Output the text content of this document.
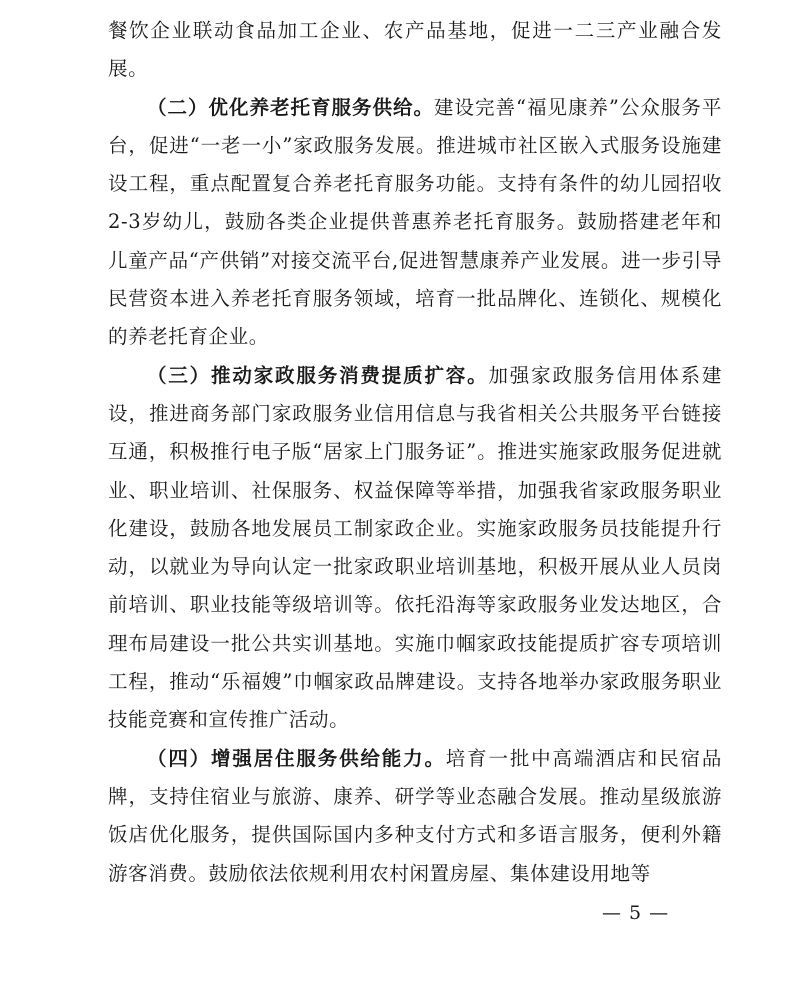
餐饮企业联动食品加工企业、农产品基地，促进一二三产业融合发展。

（二）优化养老托育服务供给。建设完善“福见康养”公众服务平台，促进“一老一小”家政服务发展。推进城市社区嵌入式服务设施建设工程，重点配置复合养老托育服务功能。支持有条件的幼儿园招收2-3岁幼儿，鼓励各类企业提供普惠养老托育服务。鼓励搭建老年和儿童产品“产供销”对接交流平台,促进智慧康养产业发展。进一步引导民营资本进入养老托育服务领域，培育一批品牌化、连锁化、规模化的养老托育企业。

（三）推动家政服务消费提质扩容。加强家政服务信用体系建设，推进商务部门家政服务业信用信息与我省相关公共服务平台链接互通，积极推行电子版“居家上门服务证”。推进实施家政服务促进就业、职业培训、社保服务、权益保障等举措，加强我省家政服务职业化建设，鼓励各地发展员工制家政企业。实施家政服务员技能提升行动，以就业为导向认定一批家政职业培训基地，积极开展从业人员岗前培训、职业技能等级培训等。依托沿海等家政服务业发达地区，合理布局建设一批公共实训基地。实施巾帼家政技能提质扩容专项培训工程，推动“乐福嫂”巾帼家政品牌建设。支持各地举办家政服务职业技能竞赛和宣传推广活动。

（四）增强居住服务供给能力。培育一批中高端酒店和民宿品牌，支持住宿业与旅游、康养、研学等业态融合发展。推动星级旅游饭店优化服务，提供国际国内多种支付方式和多语言服务，便利外籍游客消费。鼓励依法依规利用农村闲置房屋、集体建设用地等

— 5 —
